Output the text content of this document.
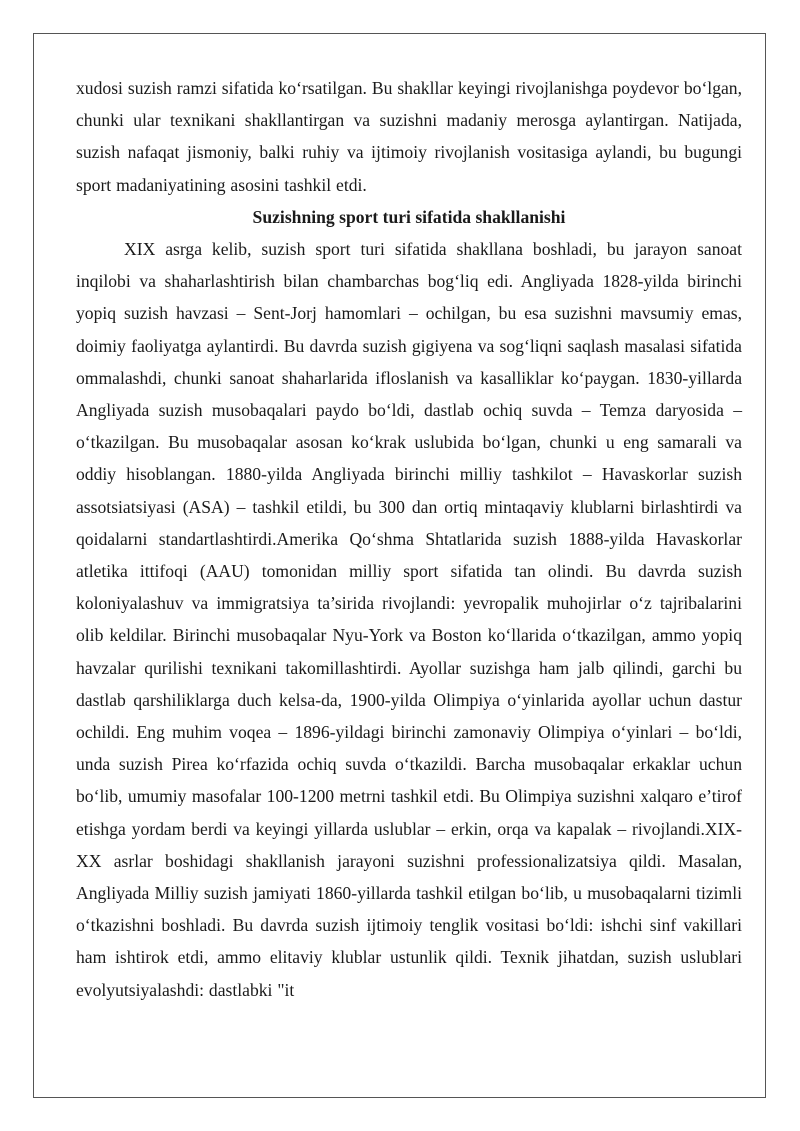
xudosi suzish ramzi sifatida ko‘rsatilgan. Bu shakllar keyingi rivojlanishga poydevor bo‘lgan, chunki ular texnikani shakllantirgan va suzishni madaniy merosga aylantirgan. Natijada, suzish nafaqat jismoniy, balki ruhiy va ijtimoiy rivojlanish vositasiga aylandi, bu bugungi sport madaniyatining asosini tashkil etdi.

Suzishning sport turi sifatida shakllanishi

XIX asrga kelib, suzish sport turi sifatida shakllana boshladi, bu jarayon sanoat inqilobi va shaharlashtirish bilan chambarchas bog‘liq edi. Angliyada 1828-yilda birinchi yopiq suzish havzasi – Sent-Jorj hamomlari – ochilgan, bu esa suzishni mavsumiy emas, doimiy faoliyatga aylantirdi. Bu davrda suzish gigiyena va sog‘liqni saqlash masalasi sifatida ommalashdi, chunki sanoat shaharlarida ifloslanish va kasalliklar ko‘paygan. 1830-yillarda Angliyada suzish musobaqalari paydo bo‘ldi, dastlab ochiq suvda – Temza daryosida – o‘tkazilgan. Bu musobaqalar asosan ko‘krak uslubida bo‘lgan, chunki u eng samarali va oddiy hisoblangan. 1880-yilda Angliyada birinchi milliy tashkilot – Havaskorlar suzish assotsiatsiyasi (ASA) – tashkil etildi, bu 300 dan ortiq mintaqaviy klublarni birlashtirdi va qoidalarni standartlashtirdi.Amerika Qo‘shma Shtatlarida suzish 1888-yilda Havaskorlar atletika ittifoqi (AAU) tomonidan milliy sport sifatida tan olindi. Bu davrda suzish koloniyalashuv va immigratsiya ta’sirida rivojlandi: yevropalik muhojirlar o‘z tajribalarini olib keldilar. Birinchi musobaqalar Nyu-York va Boston ko‘llarida o‘tkazilgan, ammo yopiq havzalar qurilishi texnikani takomillashtirdi. Ayollar suzishga ham jalb qilindi, garchi bu dastlab qarshiliklarga duch kelsa-da, 1900-yilda Olimpiya o‘yinlarida ayollar uchun dastur ochildi. Eng muhim voqea – 1896-yildagi birinchi zamonaviy Olimpiya o‘yinlari – bo‘ldi, unda suzish Pirea ko‘rfazida ochiq suvda o‘tkazildi. Barcha musobaqalar erkaklar uchun bo‘lib, umumiy masofalar 100-1200 metrni tashkil etdi. Bu Olimpiya suzishni xalqaro e’tirof etishga yordam berdi va keyingi yillarda uslublar – erkin, orqa va kapalak – rivojlandi.XIX-XX asrlar boshidagi shakllanish jarayoni suzishni professionalizatsiya qildi. Masalan, Angliyada Milliy suzish jamiyati 1860-yillarda tashkil etilgan bo‘lib, u musobaqalarni tizimli o‘tkazishni boshladi. Bu davrda suzish ijtimoiy tenglik vositasi bo‘ldi: ishchi sinf vakillari ham ishtirok etdi, ammo elitaviy klublar ustunlik qildi. Texnik jihatdan, suzish uslublari evolyutsiyalashdi: dastlabki "it
